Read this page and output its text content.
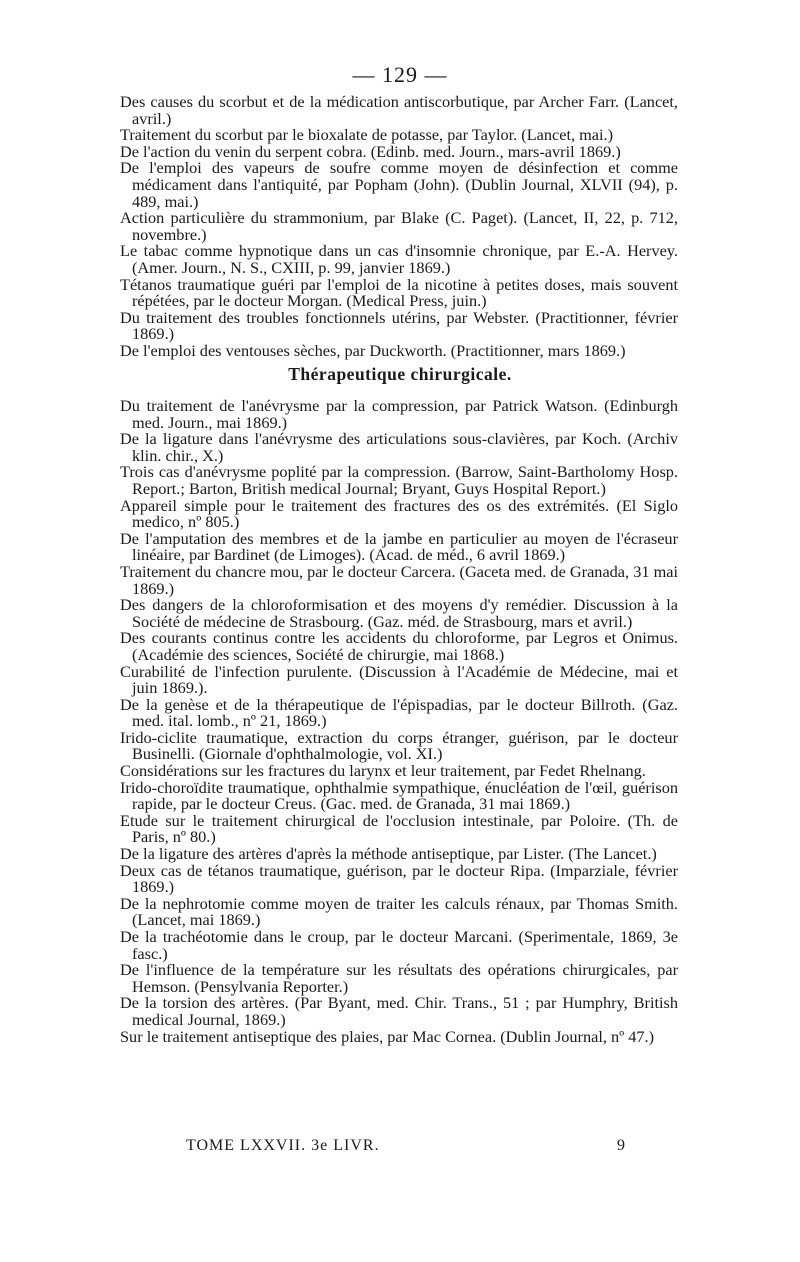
— 129 —

Des causes du scorbut et de la médication antiscorbutique, par Archer Farr. (Lancet, avril.)

Traitement du scorbut par le bioxalate de potasse, par Taylor. (Lancet, mai.)

De l'action du venin du serpent cobra. (Edinb. med. Journ., mars-avril 1869.)

De l'emploi des vapeurs de soufre comme moyen de désinfection et comme médicament dans l'antiquité, par Popham (John). (Dublin Journal, XLVII (94), p. 489, mai.)

Action particulière du strammonium, par Blake (C. Paget). (Lancet, II, 22, p. 712, novembre.)

Le tabac comme hypnotique dans un cas d'insomnie chronique, par E.-A. Hervey. (Amer. Journ., N. S., CXIII, p. 99, janvier 1869.)

Tétanos traumatique guéri par l'emploi de la nicotine à petites doses, mais souvent répétées, par le docteur Morgan. (Medical Press, juin.)

Du traitement des troubles fonctionnels utérins, par Webster. (Practitionner, février 1869.)

De l'emploi des ventouses sèches, par Duckworth. (Practitionner, mars 1869.)

Thérapeutique chirurgicale.

Du traitement de l'anévrysme par la compression, par Patrick Watson. (Edinburgh med. Journ., mai 1869.)

De la ligature dans l'anévrysme des articulations sous-clavières, par Koch. (Archiv klin. chir., X.)

Trois cas d'anévrysme poplité par la compression. (Barrow, Saint-Bartholomy Hosp. Report.; Barton, British medical Journal; Bryant, Guys Hospital Report.)

Appareil simple pour le traitement des fractures des os des extrémités. (El Siglo medico, nº 805.)

De l'amputation des membres et de la jambe en particulier au moyen de l'écraseur linéaire, par Bardinet (de Limoges). (Acad. de méd., 6 avril 1869.)

Traitement du chancre mou, par le docteur Carcera. (Gaceta med. de Granada, 31 mai 1869.)

Des dangers de la chloroformisation et des moyens d'y remédier. Discussion à la Société de médecine de Strasbourg. (Gaz. méd. de Strasbourg, mars et avril.)

Des courants continus contre les accidents du chloroforme, par Legros et Onimus. (Académie des sciences, Société de chirurgie, mai 1868.)

Curabilité de l'infection purulente. (Discussion à l'Académie de Médecine, mai et juin 1869.).

De la genèse et de la thérapeutique de l'épispadias, par le docteur Billroth. (Gaz. med. ital. lomb., nº 21, 1869.)

Irido-ciclite traumatique, extraction du corps étranger, guérison, par le docteur Businelli. (Giornale d'ophthalmologie, vol. XI.)

Considérations sur les fractures du larynx et leur traitement, par Fedet Rhelnang.

Irido-choroïdite traumatique, ophthalmie sympathique, énucléation de l'œil, guérison rapide, par le docteur Creus. (Gac. med. de Granada, 31 mai 1869.)

Etude sur le traitement chirurgical de l'occlusion intestinale, par Poloire. (Th. de Paris, nº 80.)

De la ligature des artères d'après la méthode antiseptique, par Lister. (The Lancet.)

Deux cas de tétanos traumatique, guérison, par le docteur Ripa. (Imparziale, février 1869.)

De la nephrotomie comme moyen de traiter les calculs rénaux, par Thomas Smith. (Lancet, mai 1869.)

De la trachéotomie dans le croup, par le docteur Marcani. (Sperimentale, 1869, 3e fasc.)

De l'influence de la température sur les résultats des opérations chirurgicales, par Hemson. (Pensylvania Reporter.)

De la torsion des artères. (Par Byant, med. Chir. Trans., 51 ; par Humphry, British medical Journal, 1869.)

Sur le traitement antiseptique des plaies, par Mac Cornea. (Dublin Journal, nº 47.)

TOME LXXVII. 3e LIVR.	9
